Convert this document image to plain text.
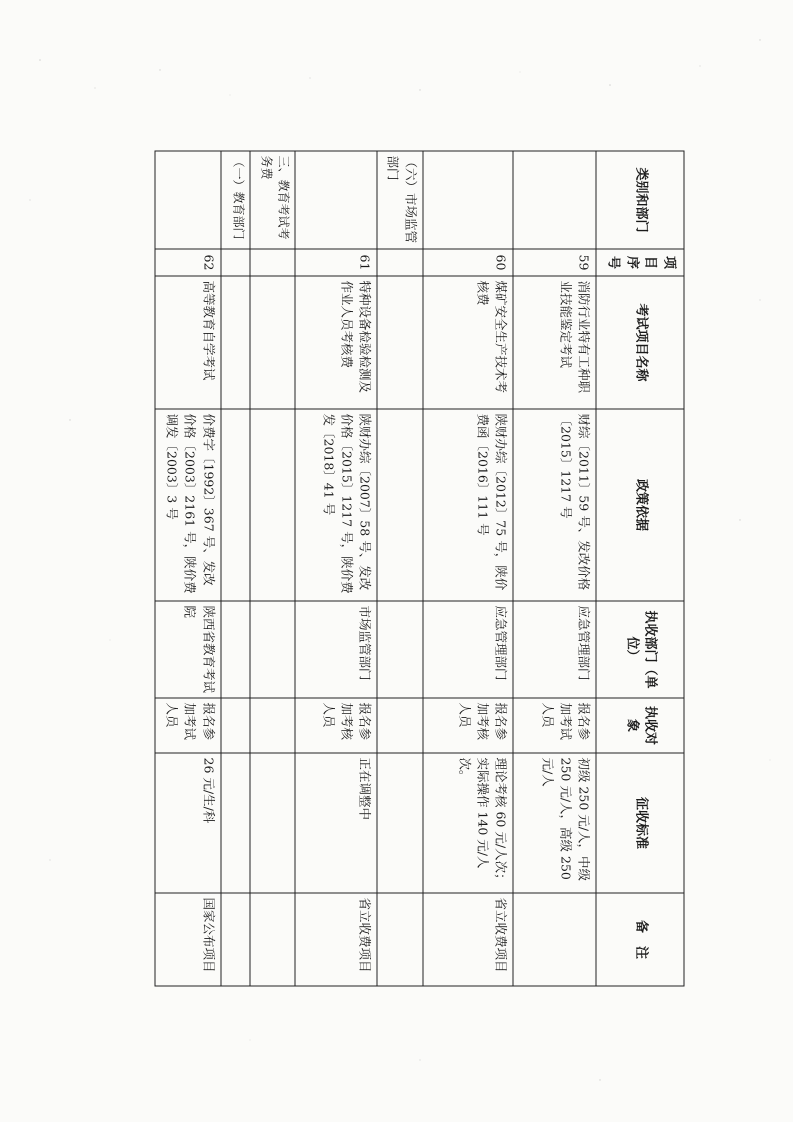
类别和部门	项目序号	考试项目名称	政策依据	执收部门（单位）	执收对象	征收标准	备　注
	59	消防行业特有工种职业技能鉴定考试	财综〔2011〕59 号、发改价格〔2015〕1217 号	应急管理部门	报名参加考试人员	初级 250 元/人，中级 250 元/人，高级 250 元/人	
	60	煤矿安全生产技术考核费	陕财办综〔2012〕75 号，陕价费函〔2016〕111 号	应急管理部门	报名参加考核人员	理论考核 60 元/人次；实际操作 140 元/人次。	省立收费项目
（六）市场监管部门							
	61	特种设备检验检测及作业人员考核费	陕财办综〔2007〕58 号、发改价格〔2015〕1217 号，陕价费发〔2018〕41 号	市场监管部门	报名参加考核人员	正在调整中	省立收费项目
三、教育考试考务费							
（一）教育部门							
	62	高等教育自学考试	价费字〔1992〕367 号、发改价格〔2003〕2161 号，陕价费调发〔2003〕3 号	陕西省教育考试院	报名参加考试人员	26 元/生/科	国家公布项目
